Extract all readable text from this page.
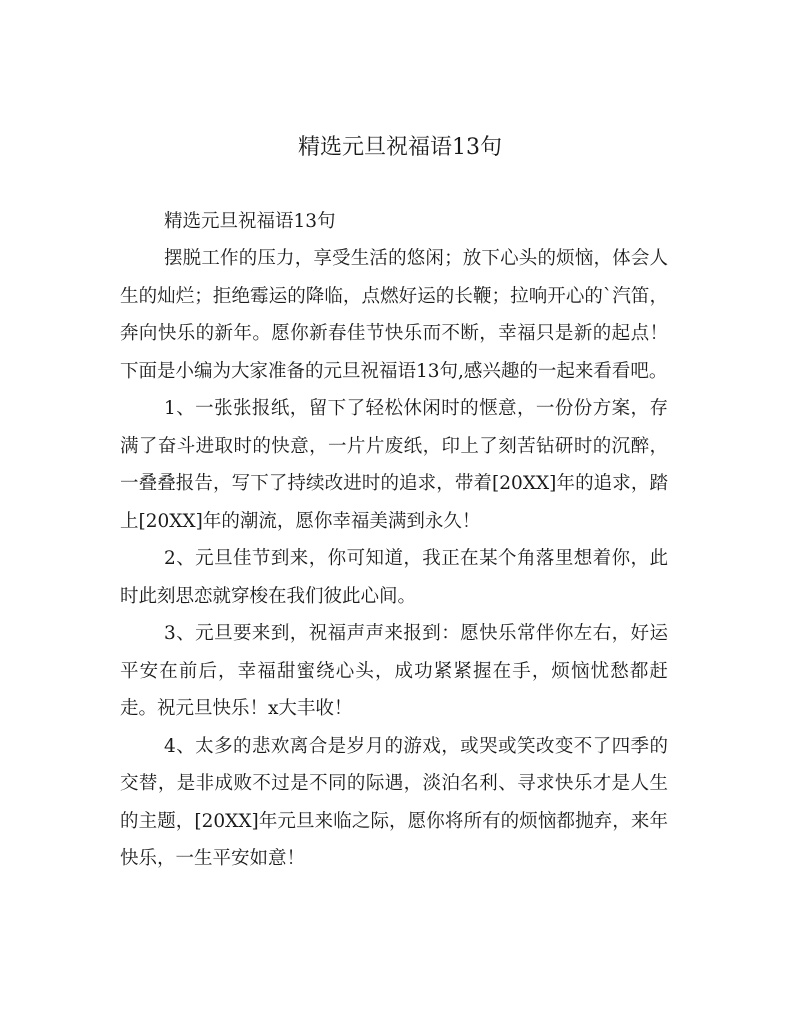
精选元旦祝福语13句

精选元旦祝福语13句

摆脱工作的压力，享受生活的悠闲；放下心头的烦恼，体会人生的灿烂；拒绝霉运的降临，点燃好运的长鞭；拉响开心的`汽笛，奔向快乐的新年。愿你新春佳节快乐而不断，幸福只是新的起点！下面是小编为大家准备的元旦祝福语13句,感兴趣的一起来看看吧。

1、一张张报纸，留下了轻松休闲时的惬意，一份份方案，存满了奋斗进取时的快意，一片片废纸，印上了刻苦钻研时的沉醉，一叠叠报告，写下了持续改进时的追求，带着[20XX]年的追求，踏上[20XX]年的潮流，愿你幸福美满到永久！

2、元旦佳节到来，你可知道，我正在某个角落里想着你，此时此刻思恋就穿梭在我们彼此心间。

3、元旦要来到，祝福声声来报到：愿快乐常伴你左右，好运平安在前后，幸福甜蜜绕心头，成功紧紧握在手，烦恼忧愁都赶走。祝元旦快乐！x大丰收！

4、太多的悲欢离合是岁月的游戏，或哭或笑改变不了四季的交替，是非成败不过是不同的际遇，淡泊名利、寻求快乐才是人生的主题，[20XX]年元旦来临之际，愿你将所有的烦恼都抛弃，来年快乐，一生平安如意！
